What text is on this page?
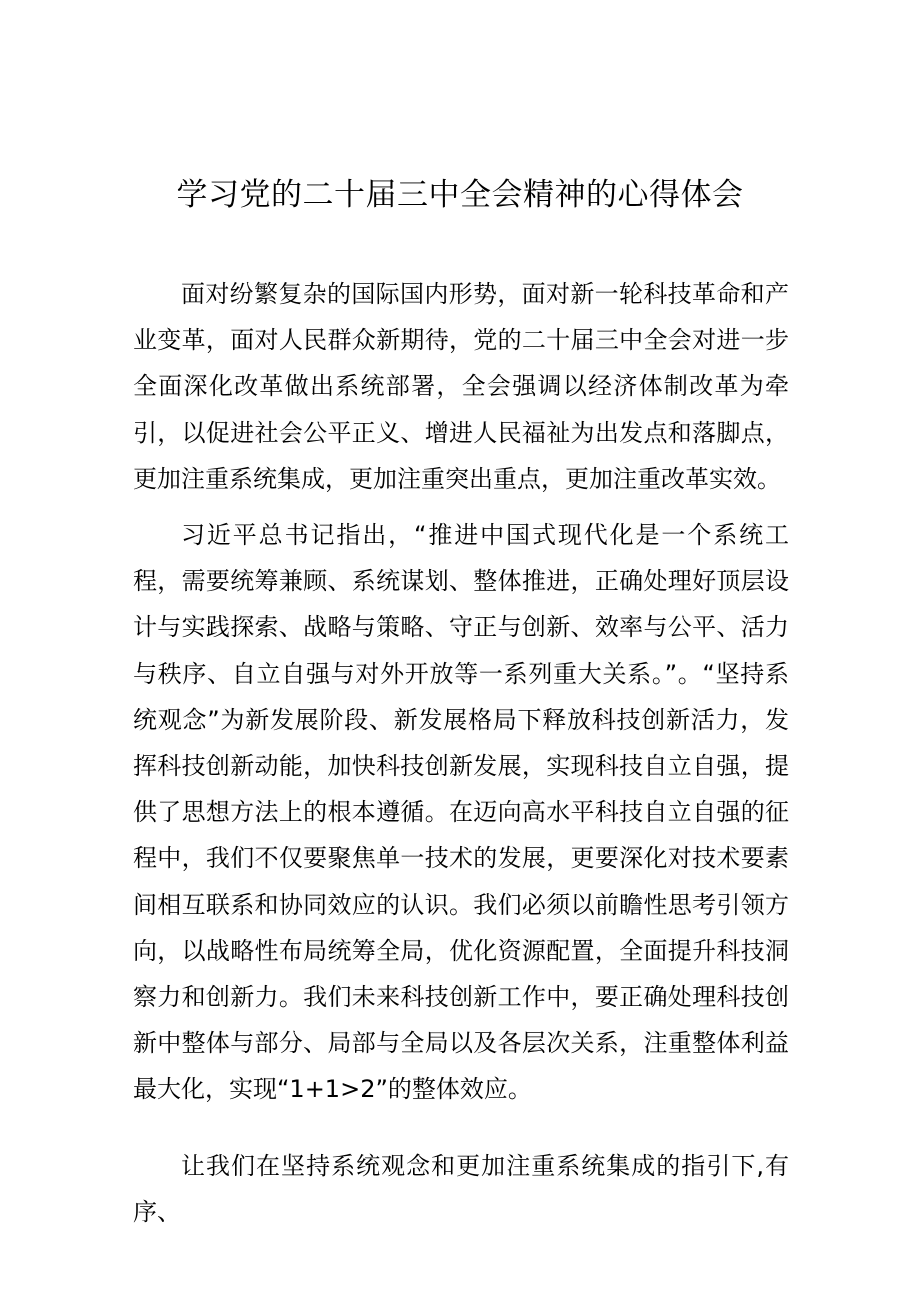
学习党的二十届三中全会精神的心得体会

面对纷繁复杂的国际国内形势，面对新一轮科技革命和产业变革，面对人民群众新期待，党的二十届三中全会对进一步全面深化改革做出系统部署，全会强调以经济体制改革为牵引，以促进社会公平正义、增进人民福祉为出发点和落脚点，更加注重系统集成，更加注重突出重点，更加注重改革实效。

习近平总书记指出，“推进中国式现代化是一个系统工程，需要统筹兼顾、系统谋划、整体推进，正确处理好顶层设计与实践探索、战略与策略、守正与创新、效率与公平、活力与秩序、自立自强与对外开放等一系列重大关系。”。“坚持系统观念”为新发展阶段、新发展格局下释放科技创新活力，发挥科技创新动能，加快科技创新发展，实现科技自立自强，提供了思想方法上的根本遵循。在迈向高水平科技自立自强的征程中，我们不仅要聚焦单一技术的发展，更要深化对技术要素间相互联系和协同效应的认识。我们必须以前瞻性思考引领方向，以战略性布局统筹全局，优化资源配置，全面提升科技洞察力和创新力。我们未来科技创新工作中，要正确处理科技创新中整体与部分、局部与全局以及各层次关系，注重整体利益最大化，实现“1+1>2”的整体效应。

让我们在坚持系统观念和更加注重系统集成的指引下,有序、
